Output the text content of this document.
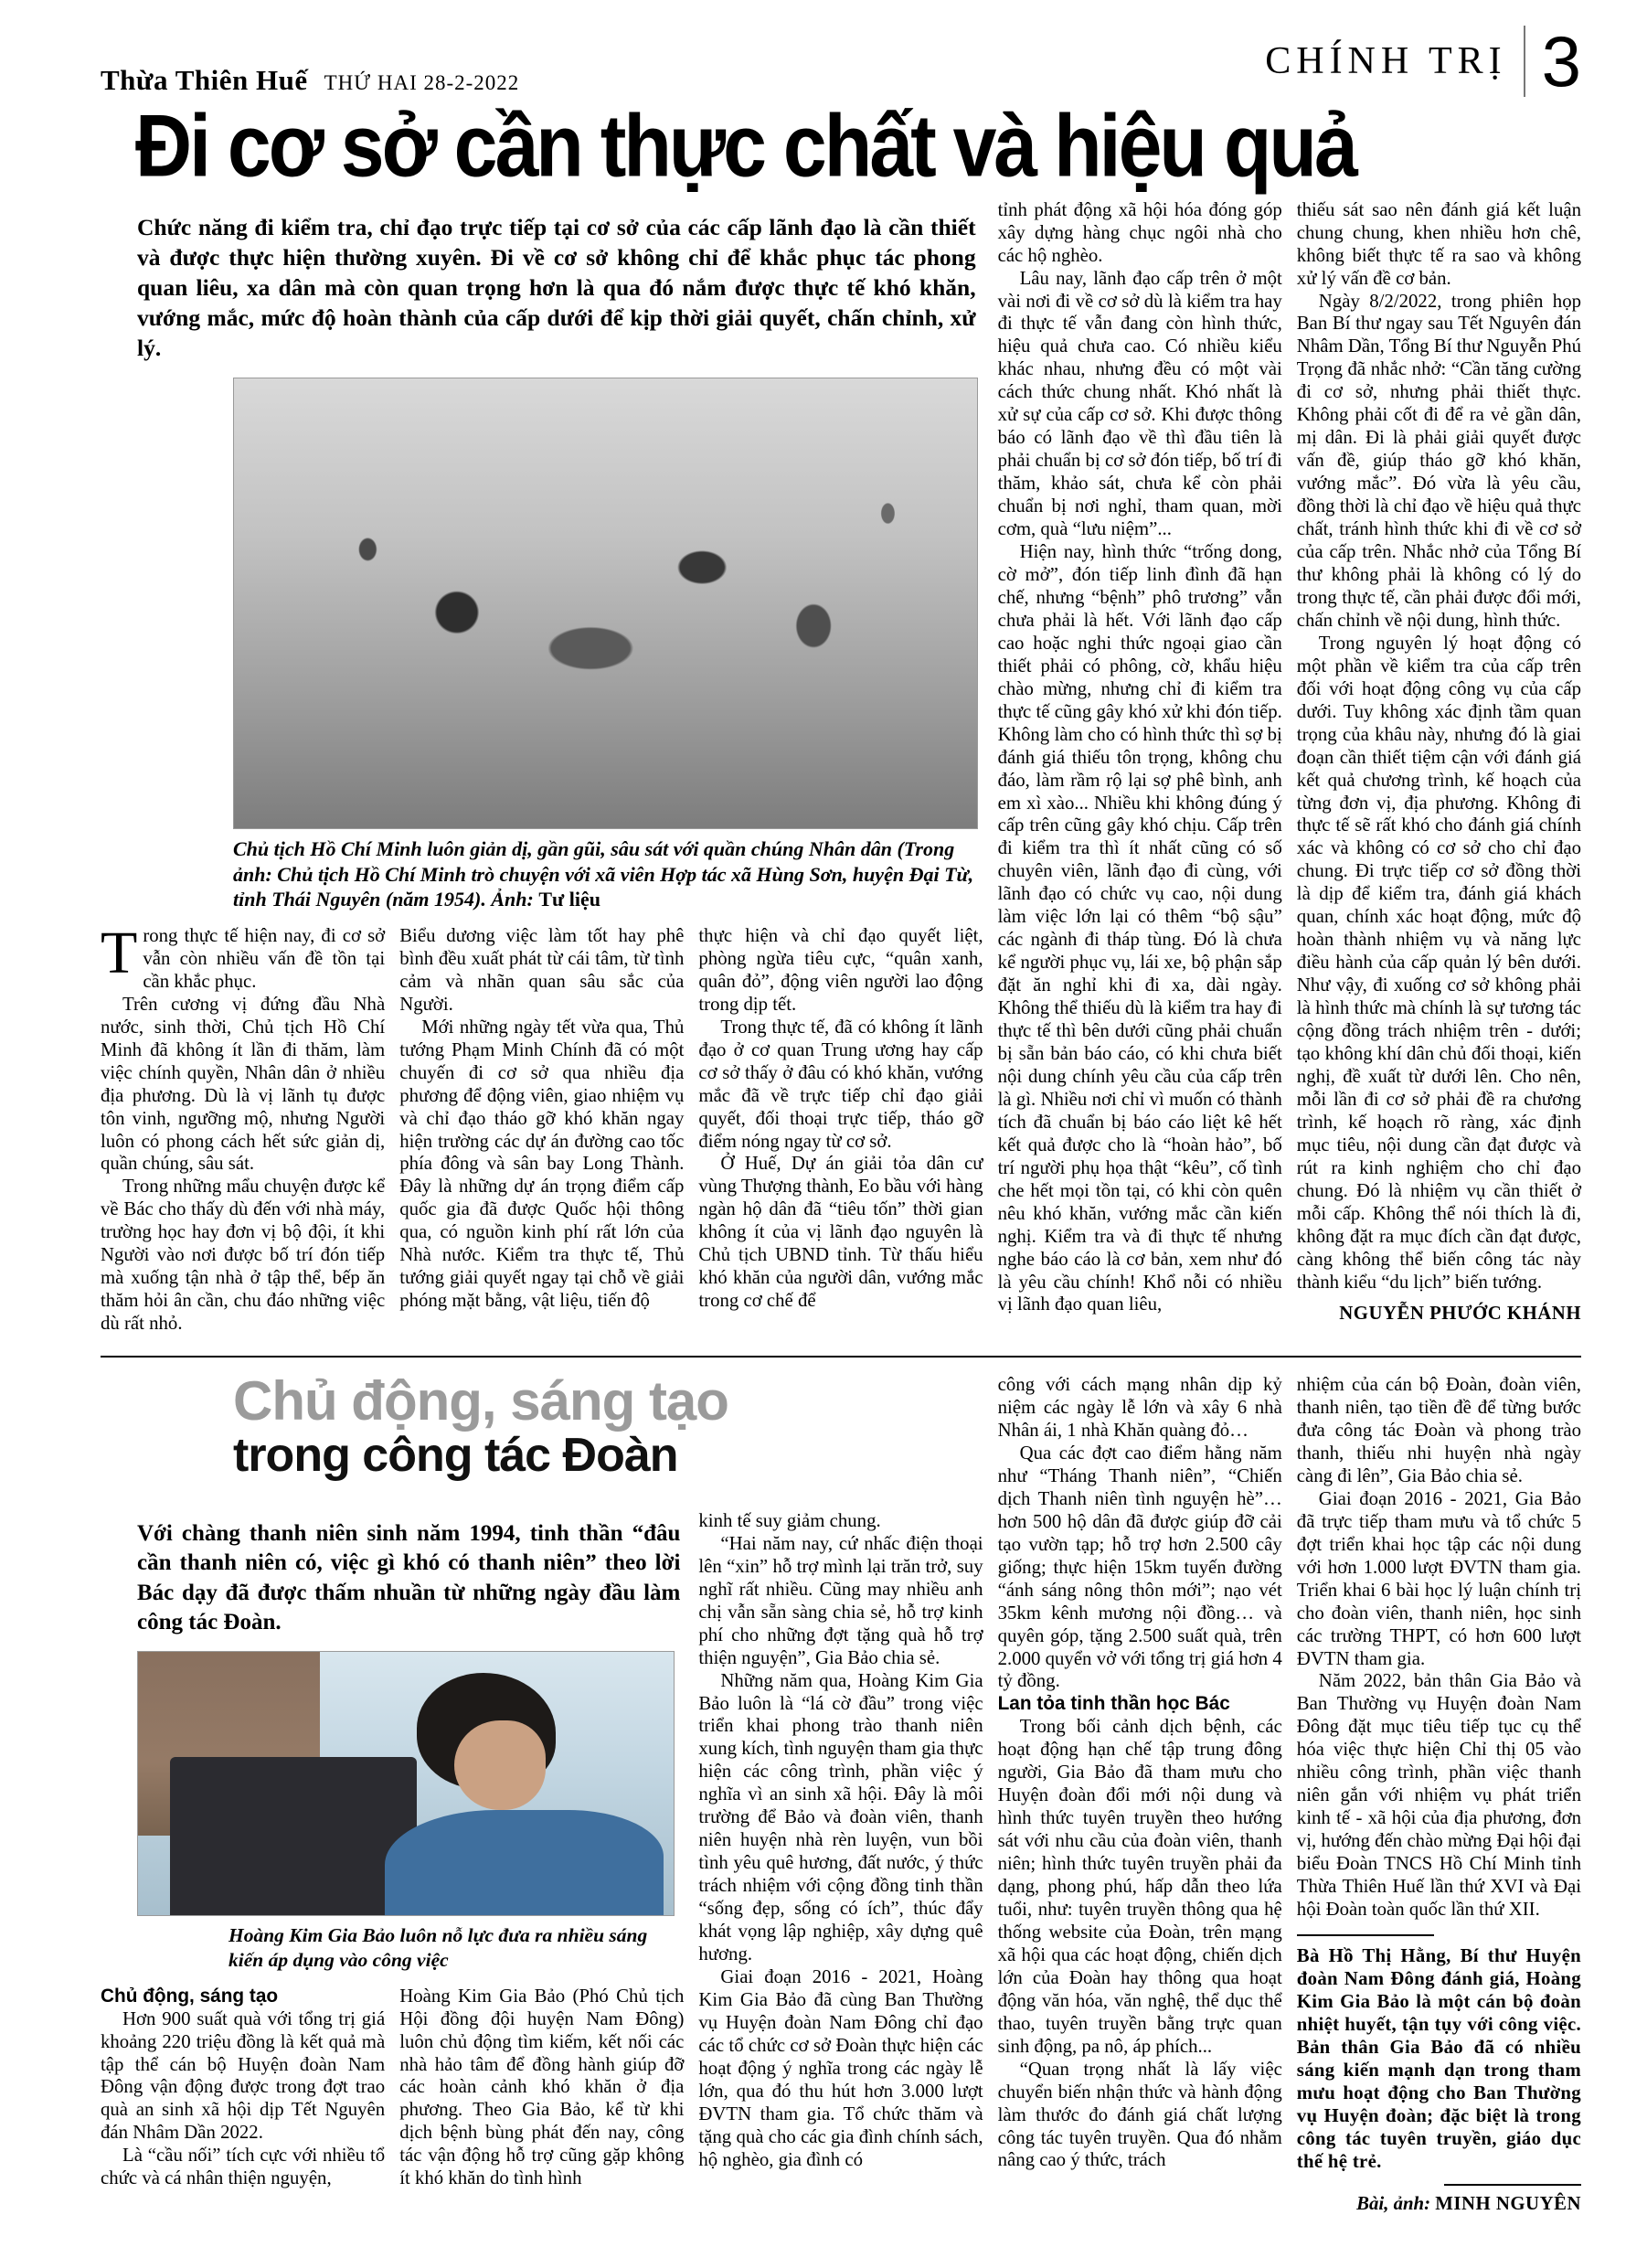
Thừa Thiên Huế THỨ HAI 28-2-2022
CHÍNH TRỊ 3
Đi cơ sở cần thực chất và hiệu quả

Chức năng đi kiểm tra, chỉ đạo trực tiếp tại cơ sở của các cấp lãnh đạo là cần thiết và được thực hiện thường xuyên. Đi về cơ sở không chỉ để khắc phục tác phong quan liêu, xa dân mà còn quan trọng hơn là qua đó nắm được thực tế khó khăn, vướng mắc, mức độ hoàn thành của cấp dưới để kịp thời giải quyết, chấn chỉnh, xử lý.

Chủ tịch Hồ Chí Minh luôn giản dị, gần gũi, sâu sát với quần chúng Nhân dân (Trong ảnh: Chủ tịch Hồ Chí Minh trò chuyện với xã viên Hợp tác xã Hùng Sơn, huyện Đại Từ, tỉnh Thái Nguyên (năm 1954). Ảnh: Tư liệu

Trong thực tế hiện nay, đi cơ sở vẫn còn nhiều vấn đề tồn tại cần khắc phục.

Trên cương vị đứng đầu Nhà nước, sinh thời, Chủ tịch Hồ Chí Minh đã không ít lần đi thăm, làm việc chính quyền, Nhân dân ở nhiều địa phương. Dù là vị lãnh tụ được tôn vinh, ngưỡng mộ, nhưng Người luôn có phong cách hết sức giản dị, quần chúng, sâu sát.

Trong những mẩu chuyện được kể về Bác cho thấy dù đến với nhà máy, trường học hay đơn vị bộ đội, ít khi Người vào nơi được bố trí đón tiếp mà xuống tận nhà ở tập thể, bếp ăn thăm hỏi ân cần, chu đáo những việc dù rất nhỏ.

Biểu dương việc làm tốt hay phê bình đều xuất phát từ cái tâm, từ tình cảm và nhãn quan sâu sắc của Người.

Mới những ngày tết vừa qua, Thủ tướng Phạm Minh Chính đã có một chuyến đi cơ sở qua nhiều địa phương để động viên, giao nhiệm vụ và chỉ đạo tháo gỡ khó khăn ngay hiện trường các dự án đường cao tốc phía đông và sân bay Long Thành. Đây là những dự án trọng điểm cấp quốc gia đã được Quốc hội thông qua, có nguồn kinh phí rất lớn của Nhà nước. Kiểm tra thực tế, Thủ tướng giải quyết ngay tại chỗ về giải phóng mặt bằng, vật liệu, tiến độ

thực hiện và chỉ đạo quyết liệt, phòng ngừa tiêu cực, “quân xanh, quân đỏ”, động viên người lao động trong dịp tết.

Trong thực tế, đã có không ít lãnh đạo ở cơ quan Trung ương hay cấp cơ sở thấy ở đâu có khó khăn, vướng mắc đã về trực tiếp chỉ đạo giải quyết, đối thoại trực tiếp, tháo gỡ điểm nóng ngay từ cơ sở.

Ở Huế, Dự án giải tỏa dân cư vùng Thượng thành, Eo bầu với hàng ngàn hộ dân đã “tiêu tốn” thời gian không ít của vị lãnh đạo nguyên là Chủ tịch UBND tỉnh. Từ thấu hiểu khó khăn của người dân, vướng mắc trong cơ chế để

tỉnh phát động xã hội hóa đóng góp xây dựng hàng chục ngôi nhà cho các hộ nghèo.

Lâu nay, lãnh đạo cấp trên ở một vài nơi đi về cơ sở dù là kiểm tra hay đi thực tế vẫn đang còn hình thức, hiệu quả chưa cao. Có nhiều kiểu khác nhau, nhưng đều có một vài cách thức chung nhất. Khó nhất là xử sự của cấp cơ sở. Khi được thông báo có lãnh đạo về thì đầu tiên là phải chuẩn bị cơ sở đón tiếp, bố trí đi thăm, khảo sát, chưa kể còn phải chuẩn bị nơi nghỉ, tham quan, mời cơm, quà “lưu niệm”...

Hiện nay, hình thức “trống dong, cờ mở”, đón tiếp linh đình đã hạn chế, nhưng “bệnh” phô trương” vẫn chưa phải là hết. Với lãnh đạo cấp cao hoặc nghi thức ngoại giao cần thiết phải có phông, cờ, khẩu hiệu chào mừng, nhưng chỉ đi kiểm tra thực tế cũng gây khó xử khi đón tiếp. Không làm cho có hình thức thì sợ bị đánh giá thiếu tôn trọng, không chu đáo, làm rầm rộ lại sợ phê bình, anh em xì xào... Nhiều khi không đúng ý cấp trên cũng gây khó chịu. Cấp trên đi kiểm tra thì ít nhất cũng có số chuyên viên, lãnh đạo đi cùng, với lãnh đạo có chức vụ cao, nội dung làm việc lớn lại có thêm “bộ sậu” các ngành đi tháp tùng. Đó là chưa kể người phục vụ, lái xe, bộ phận sắp đặt ăn nghỉ khi đi xa, dài ngày. Không thể thiếu dù là kiểm tra hay đi thực tế thì bên dưới cũng phải chuẩn bị sẵn bản báo cáo, có khi chưa biết nội dung chính yêu cầu của cấp trên là gì. Nhiều nơi chỉ vì muốn có thành tích đã chuẩn bị báo cáo liệt kê hết kết quả được cho là “hoàn hảo”, bố trí người phụ họa thật “kêu”, cố tình che hết mọi tồn tại, có khi còn quên nêu khó khăn, vướng mắc cần kiến nghị. Kiểm tra và đi thực tế nhưng nghe báo cáo là cơ bản, xem như đó là yêu cầu chính! Khổ nỗi có nhiều vị lãnh đạo quan liêu,

thiếu sát sao nên đánh giá kết luận chung chung, khen nhiều hơn chê, không biết thực tế ra sao và không xử lý vấn đề cơ bản.

Ngày 8/2/2022, trong phiên họp Ban Bí thư ngay sau Tết Nguyên đán Nhâm Dần, Tổng Bí thư Nguyễn Phú Trọng đã nhắc nhở: “Cần tăng cường đi cơ sở, nhưng phải thiết thực. Không phải cốt đi để ra vẻ gần dân, mị dân. Đi là phải giải quyết được vấn đề, giúp tháo gỡ khó khăn, vướng mắc”. Đó vừa là yêu cầu, đồng thời là chỉ đạo về hiệu quả thực chất, tránh hình thức khi đi về cơ sở của cấp trên. Nhắc nhở của Tổng Bí thư không phải là không có lý do trong thực tế, cần phải được đổi mới, chấn chỉnh về nội dung, hình thức.

Trong nguyên lý hoạt động có một phần về kiểm tra của cấp trên đối với hoạt động công vụ của cấp dưới. Tuy không xác định tầm quan trọng của khâu này, nhưng đó là giai đoạn cần thiết tiệm cận với đánh giá kết quả chương trình, kế hoạch của từng đơn vị, địa phương. Không đi thực tế sẽ rất khó cho đánh giá chính xác và không có cơ sở cho chỉ đạo chung. Đi trực tiếp cơ sở đồng thời là dịp để kiểm tra, đánh giá khách quan, chính xác hoạt động, mức độ hoàn thành nhiệm vụ và năng lực điều hành của cấp quản lý bên dưới. Như vậy, đi xuống cơ sở không phải là hình thức mà chính là sự tương tác cộng đồng trách nhiệm trên - dưới; tạo không khí dân chủ đối thoại, kiến nghị, đề xuất từ dưới lên. Cho nên, mỗi lần đi cơ sở phải đề ra chương trình, kế hoạch rõ ràng, xác định mục tiêu, nội dung cần đạt được và rút ra kinh nghiệm cho chỉ đạo chung. Đó là nhiệm vụ cần thiết ở mỗi cấp. Không thể nói thích là đi, không đặt ra mục đích cần đạt được, càng không thể biến công tác này thành kiểu “du lịch” biến tướng.

NGUYỄN PHƯỚC KHÁNH

Chủ động, sáng tạo
trong công tác Đoàn

công với cách mạng nhân dịp kỷ niệm các ngày lễ lớn và xây 6 nhà Nhân ái, 1 nhà Khăn quàng đỏ…

Qua các đợt cao điểm hằng năm như “Tháng Thanh niên”, “Chiến dịch Thanh niên tình nguyện hè”… hơn 500 hộ dân đã được giúp đỡ cải tạo vườn tạp; hỗ trợ hơn 2.500 cây giống; thực hiện 15km tuyến đường “ánh sáng nông thôn mới”; nạo vét 35km kênh mương nội đồng… và quyên góp, tặng 2.500 suất quà, trên 2.000 quyển vở với tổng trị giá hơn 4 tỷ đồng.

Lan tỏa tinh thần học Bác

Trong bối cảnh dịch bệnh, các hoạt động hạn chế tập trung đông người, Gia Bảo đã tham mưu cho Huyện đoàn đổi mới nội dung và hình thức tuyên truyền theo hướng sát với nhu cầu của đoàn viên, thanh niên; hình thức tuyên truyền phải đa dạng, phong phú, hấp dẫn theo lứa tuổi, như: tuyên truyền thông qua hệ thống website của Đoàn, trên mạng xã hội qua các hoạt động, chiến dịch lớn của Đoàn hay thông qua hoạt động văn hóa, văn nghệ, thể dục thể thao, tuyên truyền bằng trực quan sinh động, pa nô, áp phích...

“Quan trọng nhất là lấy việc chuyển biến nhận thức và hành động làm thước đo đánh giá chất lượng công tác tuyên truyền. Qua đó nhằm nâng cao ý thức, trách

nhiệm của cán bộ Đoàn, đoàn viên, thanh niên, tạo tiền đề để từng bước đưa công tác Đoàn và phong trào thanh, thiếu nhi huyện nhà ngày càng đi lên”, Gia Bảo chia sẻ.

Giai đoạn 2016 - 2021, Gia Bảo đã trực tiếp tham mưu và tổ chức 5 đợt triển khai học tập các nội dung với hơn 1.000 lượt ĐVTN tham gia. Triển khai 6 bài học lý luận chính trị cho đoàn viên, thanh niên, học sinh các trường THPT, có hơn 600 lượt ĐVTN tham gia.

Năm 2022, bản thân Gia Bảo và Ban Thường vụ Huyện đoàn Nam Đông đặt mục tiêu tiếp tục cụ thể hóa việc thực hiện Chỉ thị 05 vào nhiều công trình, phần việc thanh niên gắn với nhiệm vụ phát triển kinh tế - xã hội của địa phương, đơn vị, hướng đến chào mừng Đại hội đại biểu Đoàn TNCS Hồ Chí Minh tỉnh Thừa Thiên Huế lần thứ XVI và Đại hội Đoàn toàn quốc lần thứ XII.

Bà Hồ Thị Hằng, Bí thư Huyện đoàn Nam Đông đánh giá, Hoàng Kim Gia Bảo là một cán bộ đoàn nhiệt huyết, tận tụy với công việc. Bản thân Gia Bảo đã có nhiều sáng kiến mạnh dạn trong tham mưu hoạt động cho Ban Thường vụ Huyện đoàn; đặc biệt là trong công tác tuyên truyền, giáo dục thế hệ trẻ.

Bài, ảnh: MINH NGUYÊN

Với chàng thanh niên sinh năm 1994, tinh thần “đâu cần thanh niên có, việc gì khó có thanh niên” theo lời Bác dạy đã được thấm nhuần từ những ngày đầu làm công tác Đoàn.

Hoàng Kim Gia Bảo luôn nỗ lực đưa ra nhiều sáng kiến áp dụng vào công việc

Chủ động, sáng tạo

Hơn 900 suất quà với tổng trị giá khoảng 220 triệu đồng là kết quả mà tập thể cán bộ Huyện đoàn Nam Đông vận động được trong đợt trao quà an sinh xã hội dịp Tết Nguyên đán Nhâm Dần 2022.

Là “cầu nối” tích cực với nhiều tổ chức và cá nhân thiện nguyện,

Hoàng Kim Gia Bảo (Phó Chủ tịch Hội đồng đội huyện Nam Đông) luôn chủ động tìm kiếm, kết nối các nhà hảo tâm để đồng hành giúp đỡ các hoàn cảnh khó khăn ở địa phương. Theo Gia Bảo, kể từ khi dịch bệnh bùng phát đến nay, công tác vận động hỗ trợ cũng gặp không ít khó khăn do tình hình

kinh tế suy giảm chung.

“Hai năm nay, cứ nhấc điện thoại lên “xin” hỗ trợ mình lại trăn trở, suy nghĩ rất nhiều. Cũng may nhiều anh chị vẫn sẵn sàng chia sẻ, hỗ trợ kinh phí cho những đợt tặng quà hỗ trợ thiện nguyện”, Gia Bảo chia sẻ.

Những năm qua, Hoàng Kim Gia Bảo luôn là “lá cờ đầu” trong việc triển khai phong trào thanh niên xung kích, tình nguyện tham gia thực hiện các công trình, phần việc ý nghĩa vì an sinh xã hội. Đây là môi trường để Bảo và đoàn viên, thanh niên huyện nhà rèn luyện, vun bồi tình yêu quê hương, đất nước, ý thức trách nhiệm với cộng đồng tinh thần “sống đẹp, sống có ích”, thúc đẩy khát vọng lập nghiệp, xây dựng quê hương.

Giai đoạn 2016 - 2021, Hoàng Kim Gia Bảo đã cùng Ban Thường vụ Huyện đoàn Nam Đông chỉ đạo các tổ chức cơ sở Đoàn thực hiện các hoạt động ý nghĩa trong các ngày lễ lớn, qua đó thu hút hơn 3.000 lượt ĐVTN tham gia. Tổ chức thăm và tặng quà cho các gia đình chính sách, hộ nghèo, gia đình có
